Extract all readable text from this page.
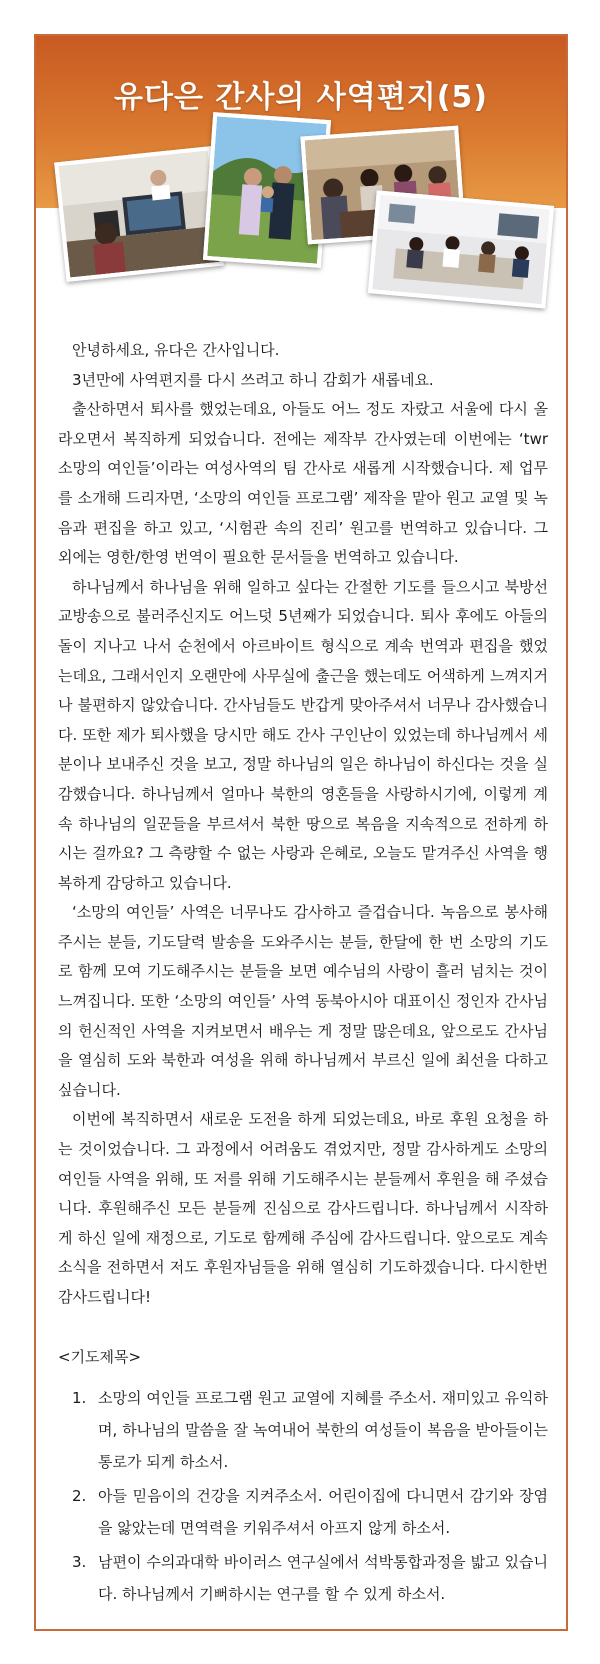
유다은 간사의 사역편지(5)

안녕하세요, 유다은 간사입니다.

3년만에 사역편지를 다시 쓰려고 하니 감회가 새롭네요.

출산하면서 퇴사를 했었는데요, 아들도 어느 정도 자랐고 서울에 다시 올라오면서 복직하게 되었습니다. 전에는 제작부 간사였는데 이번에는 ‘twr 소망의 여인들’이라는 여성사역의 팀 간사로 새롭게 시작했습니다. 제 업무를 소개해 드리자면, ‘소망의 여인들 프로그램’ 제작을 맡아 원고 교열 및 녹음과 편집을 하고 있고, ‘시험관 속의 진리’ 원고를 번역하고 있습니다. 그 외에는 영한/한영 번역이 필요한 문서들을 번역하고 있습니다.

하나님께서 하나님을 위해 일하고 싶다는 간절한 기도를 들으시고 북방선교방송으로 불러주신지도 어느덧 5년째가 되었습니다. 퇴사 후에도 아들의 돌이 지나고 나서 순천에서 아르바이트 형식으로 계속 번역과 편집을 했었는데요, 그래서인지 오랜만에 사무실에 출근을 했는데도 어색하게 느껴지거나 불편하지 않았습니다. 간사님들도 반갑게 맞아주셔서 너무나 감사했습니다. 또한 제가 퇴사했을 당시만 해도 간사 구인난이 있었는데 하나님께서 세 분이나 보내주신 것을 보고, 정말 하나님의 일은 하나님이 하신다는 것을 실감했습니다. 하나님께서 얼마나 북한의 영혼들을 사랑하시기에, 이렇게 계속 하나님의 일꾼들을 부르셔서 북한 땅으로 복음을 지속적으로 전하게 하시는 걸까요? 그 측량할 수 없는 사랑과 은혜로, 오늘도 맡겨주신 사역을 행복하게 감당하고 있습니다.

‘소망의 여인들’ 사역은 너무나도 감사하고 즐겁습니다. 녹음으로 봉사해주시는 분들, 기도달력 발송을 도와주시는 분들, 한달에 한 번 소망의 기도로 함께 모여 기도해주시는 분들을 보면 예수님의 사랑이 흘러 넘치는 것이 느껴집니다. 또한 ‘소망의 여인들’ 사역 동북아시아 대표이신 정인자 간사님의 헌신적인 사역을 지켜보면서 배우는 게 정말 많은데요, 앞으로도 간사님을 열심히 도와 북한과 여성을 위해 하나님께서 부르신 일에 최선을 다하고 싶습니다.

이번에 복직하면서 새로운 도전을 하게 되었는데요, 바로 후원 요청을 하는 것이었습니다. 그 과정에서 어려움도 겪었지만, 정말 감사하게도 소망의 여인들 사역을 위해, 또 저를 위해 기도해주시는 분들께서 후원을 해 주셨습니다. 후원해주신 모든 분들께 진심으로 감사드립니다. 하나님께서 시작하게 하신 일에 재정으로, 기도로 함께해 주심에 감사드립니다. 앞으로도 계속 소식을 전하면서 저도 후원자님들을 위해 열심히 기도하겠습니다. 다시한번 감사드립니다!

<기도제목>
1. 소망의 여인들 프로그램 원고 교열에 지혜를 주소서. 재미있고 유익하며, 하나님의 말씀을 잘 녹여내어 북한의 여성들이 복음을 받아들이는 통로가 되게 하소서.
2. 아들 믿음이의 건강을 지켜주소서. 어린이집에 다니면서 감기와 장염을 앓았는데 면역력을 키워주셔서 아프지 않게 하소서.
3. 남편이 수의과대학 바이러스 연구실에서 석박통합과정을 밟고 있습니다. 하나님께서 기뻐하시는 연구를 할 수 있게 하소서.
